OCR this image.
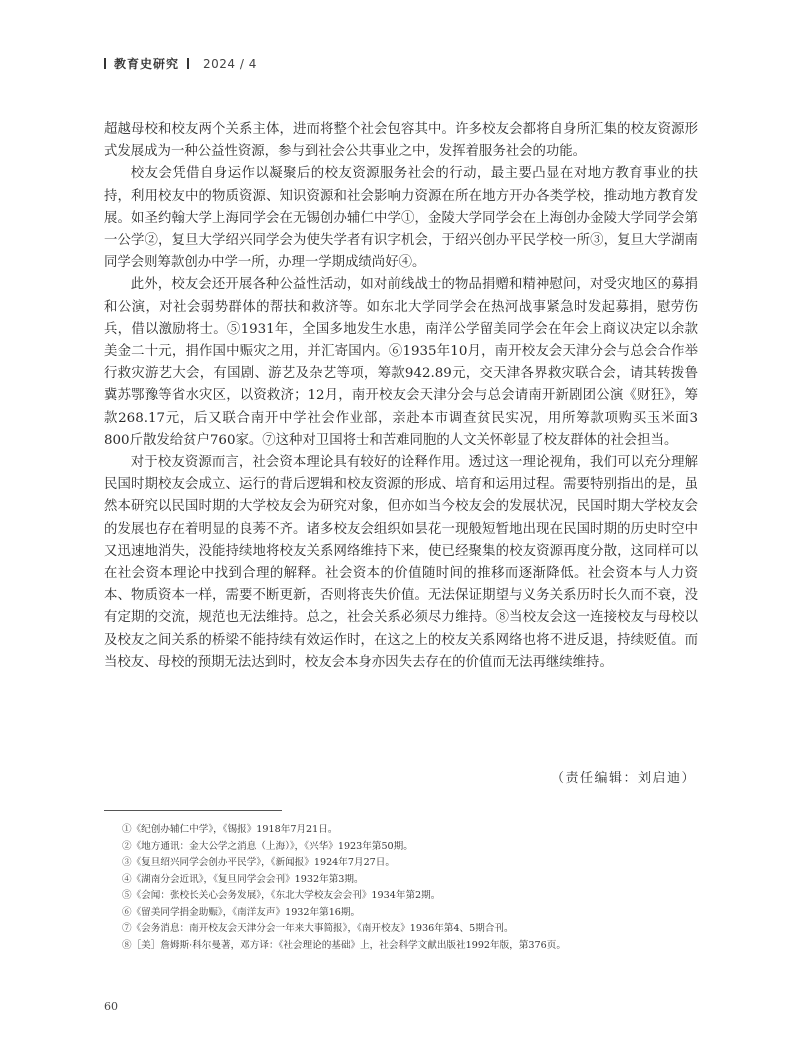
教育史研究 2024 / 4

超越母校和校友两个关系主体，进而将整个社会包容其中。许多校友会都将自身所汇集的校友资源形式发展成为一种公益性资源，参与到社会公共事业之中，发挥着服务社会的功能。

校友会凭借自身运作以凝聚后的校友资源服务社会的行动，最主要凸显在对地方教育事业的扶持，利用校友中的物质资源、知识资源和社会影响力资源在所在地方开办各类学校，推动地方教育发展。如圣约翰大学上海同学会在无锡创办辅仁中学①，金陵大学同学会在上海创办金陵大学同学会第一公学②，复旦大学绍兴同学会为使失学者有识字机会，于绍兴创办平民学校一所③，复旦大学湖南同学会则筹款创办中学一所，办理一学期成绩尚好④。

此外，校友会还开展各种公益性活动，如对前线战士的物品捐赠和精神慰问，对受灾地区的募捐和公演，对社会弱势群体的帮扶和救济等。如东北大学同学会在热河战事紧急时发起募捐，慰劳伤兵，借以激励将士。⑤1931年，全国多地发生水患，南洋公学留美同学会在年会上商议决定以余款美金二十元，捐作国中赈灾之用，并汇寄国内。⑥1935年10月，南开校友会天津分会与总会合作举行救灾游艺大会，有国剧、游艺及杂艺等项，筹款942.89元，交天津各界救灾联合会，请其转拨鲁冀苏鄂豫等省水灾区，以资救济；12月，南开校友会天津分会与总会请南开新剧团公演《财狂》，筹款268.17元，后又联合南开中学社会作业部，亲赴本市调查贫民实况，用所筹款项购买玉米面3 800斤散发给贫户760家。⑦这种对卫国将士和苦难同胞的人文关怀彰显了校友群体的社会担当。

对于校友资源而言，社会资本理论具有较好的诠释作用。透过这一理论视角，我们可以充分理解民国时期校友会成立、运行的背后逻辑和校友资源的形成、培育和运用过程。需要特别指出的是，虽然本研究以民国时期的大学校友会为研究对象，但亦如当今校友会的发展状况，民国时期大学校友会的发展也存在着明显的良莠不齐。诸多校友会组织如昙花一现般短暂地出现在民国时期的历史时空中又迅速地消失，没能持续地将校友关系网络维持下来，使已经聚集的校友资源再度分散，这同样可以在社会资本理论中找到合理的解释。社会资本的价值随时间的推移而逐渐降低。社会资本与人力资本、物质资本一样，需要不断更新，否则将丧失价值。无法保证期望与义务关系历时长久而不衰，没有定期的交流，规范也无法维持。总之，社会关系必须尽力维持。⑧当校友会这一连接校友与母校以及校友之间关系的桥梁不能持续有效运作时，在这之上的校友关系网络也将不进反退，持续贬值。而当校友、母校的预期无法达到时，校友会本身亦因失去存在的价值而无法再继续维持。

（责任编辑：刘启迪）
①《纪创办辅仁中学》，《锡报》1918年7月21日。
②《地方通讯：金大公学之消息（上海）》，《兴华》1923年第50期。
③《复旦绍兴同学会创办平民学》，《新闻报》1924年7月27日。
④《湖南分会近讯》，《复旦同学会会刊》1932年第3期。
⑤《会闻：张校长关心会务发展》，《东北大学校友会会刊》1934年第2期。
⑥《留美同学捐金助赈》，《南洋友声》1932年第16期。
⑦《会务消息：南开校友会天津分会一年来大事简报》，《南开校友》1936年第4、5期合刊。
⑧［美］詹姆斯·科尔曼著，邓方译：《社会理论的基础》上，社会科学文献出版社1992年版，第376页。
60
